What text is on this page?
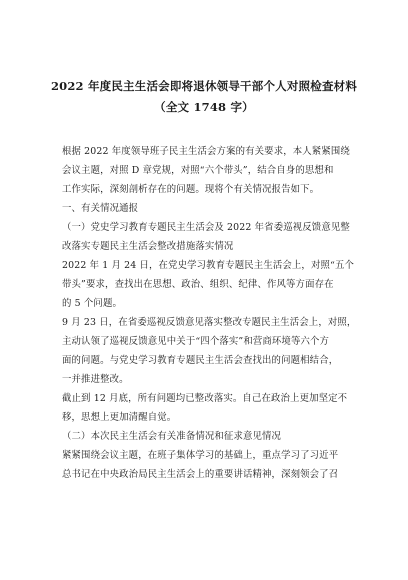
2022 年度民主生活会即将退休领导干部个人对照检查材料
（全文 1748 字）
根据 2022 年度领导班子民主生活会方案的有关要求，本人紧紧围绕
会议主题，对照 D 章党规，对照“六个带头”，结合自身的思想和
工作实际，深刻剖析存在的问题。现将个有关情况报告如下。
一、有关情况通报
（一）党史学习教育专题民主生活会及 2022 年省委巡视反馈意见整
改落实专题民主生活会整改措施落实情况
2022 年 1 月 24 日，在党史学习教育专题民主生活会上，对照“五个
带头”要求，查找出在思想、政治、组织、纪律、作风等方面存在
的 5 个问题。
9 月 23 日，在省委巡视反馈意见落实整改专题民主生活会上，对照，
主动认领了巡视反馈意见中关于“四个落实”和营商环境等六个方
面的问题。与党史学习教育专题民主生活会查找出的问题相结合，
一并推进整改。
截止到 12 月底，所有问题均已整改落实。自己在政治上更加坚定不
移，思想上更加清醒自觉。
（二）本次民主生活会有关准备情况和征求意见情况
紧紧围绕会议主题，在班子集体学习的基础上，重点学习了习近平
总书记在中央政治局民主生活会上的重要讲话精神，深刻领会了召
